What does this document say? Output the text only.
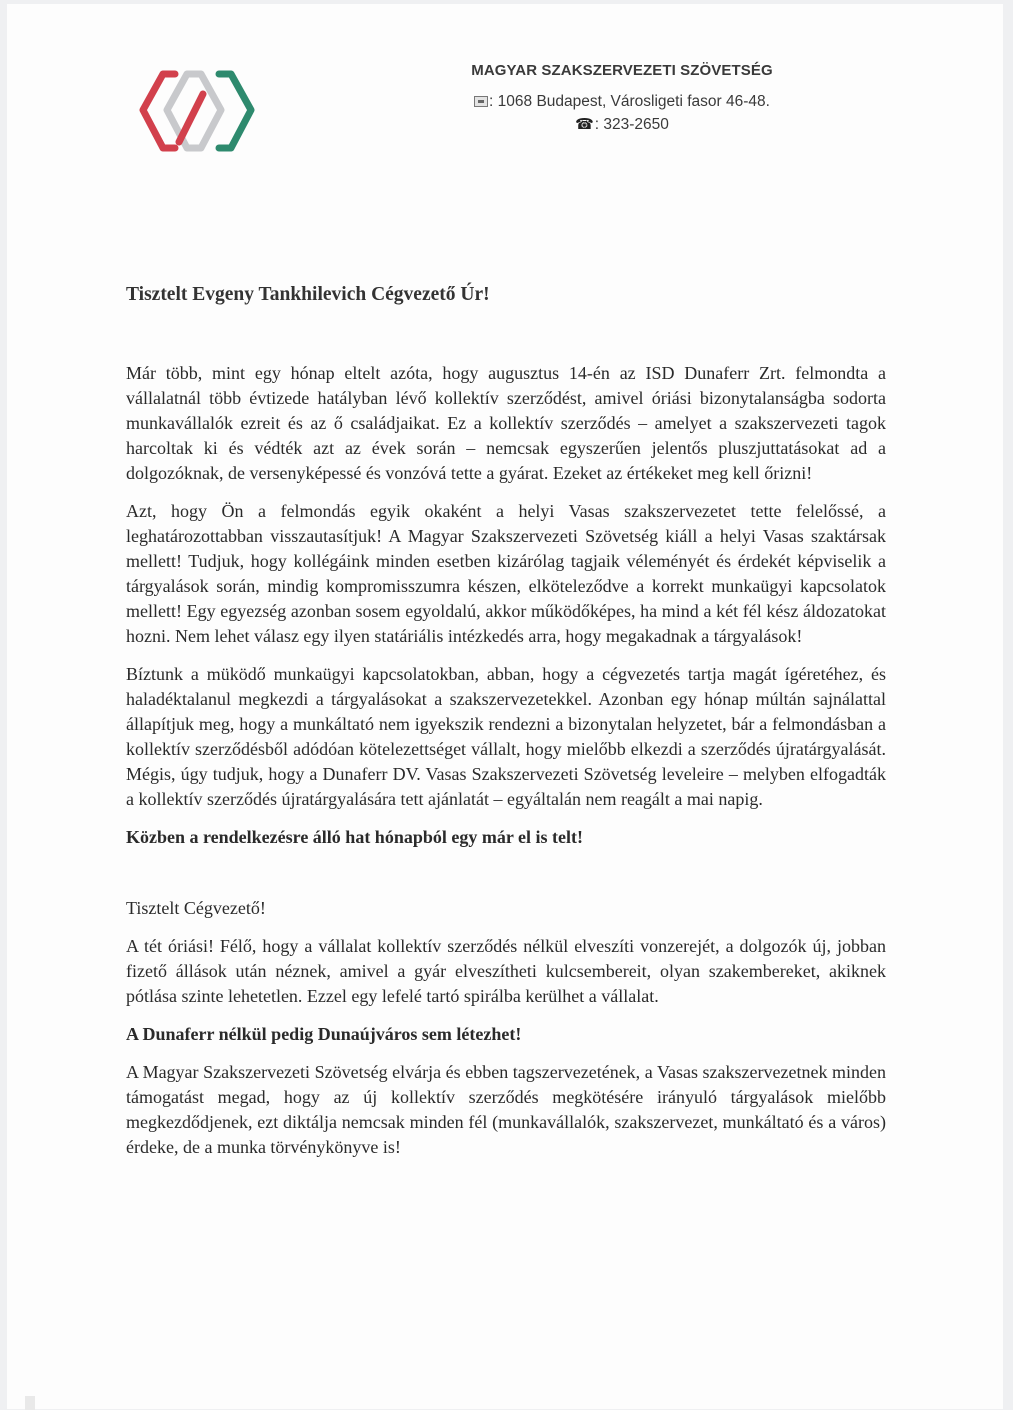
MAGYAR SZAKSZERVEZETI SZÖVETSÉG
: 1068 Budapest, Városligeti fasor 46-48.
☎ : 323-2650
Tisztelt Evgeny Tankhilevich Cégvezető Úr!

Már több, mint egy hónap eltelt azóta, hogy augusztus 14-én az ISD Dunaferr Zrt. felmondta a vállalatnál több évtizede hatályban lévő kollektív szerződést, amivel óriási bizonytalanságba sodorta munkavállalók ezreit és az ő családjaikat. Ez a kollektív szerződés – amelyet a szakszervezeti tagok harcoltak ki és védték azt az évek során – nemcsak egyszerűen jelentős pluszjuttatásokat ad a dolgozóknak, de versenyképessé és vonzóvá tette a gyárat. Ezeket az értékeket meg kell őrizni!

Azt, hogy Ön a felmondás egyik okaként a helyi Vasas szakszervezetet tette felelőssé, a leghatározottabban visszautasítjuk! A Magyar Szakszervezeti Szövetség kiáll a helyi Vasas szaktársak mellett! Tudjuk, hogy kollégáink minden esetben kizárólag tagjaik véleményét és érdekét képviselik a tárgyalások során, mindig kompromisszumra készen, elköteleződve a korrekt munkaügyi kapcsolatok mellett! Egy egyezség azonban sosem egyoldalú, akkor működőképes, ha mind a két fél kész áldozatokat hozni. Nem lehet válasz egy ilyen statáriális intézkedés arra, hogy megakadnak a tárgyalások!

Bíztunk a müködő munkaügyi kapcsolatokban, abban, hogy a cégvezetés tartja magát ígéretéhez, és haladéktalanul megkezdi a tárgyalásokat a szakszervezetekkel. Azonban egy hónap múltán sajnálattal állapítjuk meg, hogy a munkáltató nem igyekszik rendezni a bizonytalan helyzetet, bár a felmondásban a kollektív szerződésből adódóan kötelezettséget vállalt, hogy mielőbb elkezdi a szerződés újratárgyalását. Mégis, úgy tudjuk, hogy a Dunaferr DV. Vasas Szakszervezeti Szövetség leveleire – melyben elfogadták a kollektív szerződés újratárgyalására tett ajánlatát – egyáltalán nem reagált a mai napig.

Közben a rendelkezésre álló hat hónapból egy már el is telt!

Tisztelt Cégvezető!

A tét óriási! Félő, hogy a vállalat kollektív szerződés nélkül elveszíti vonzerejét, a dolgozók új, jobban fizető állások után néznek, amivel a gyár elveszítheti kulcsembereit, olyan szakembereket, akiknek pótlása szinte lehetetlen. Ezzel egy lefelé tartó spirálba kerülhet a vállalat.

A Dunaferr nélkül pedig Dunaújváros sem létezhet!

A Magyar Szakszervezeti Szövetség elvárja és ebben tagszervezetének, a Vasas szakszervezetnek minden támogatást megad, hogy az új kollektív szerződés megkötésére irányuló tárgyalások mielőbb megkezdődjenek, ezt diktálja nemcsak minden fél (munkavállalók, szakszervezet, munkáltató és a város) érdeke, de a munka törvénykönyve is!
